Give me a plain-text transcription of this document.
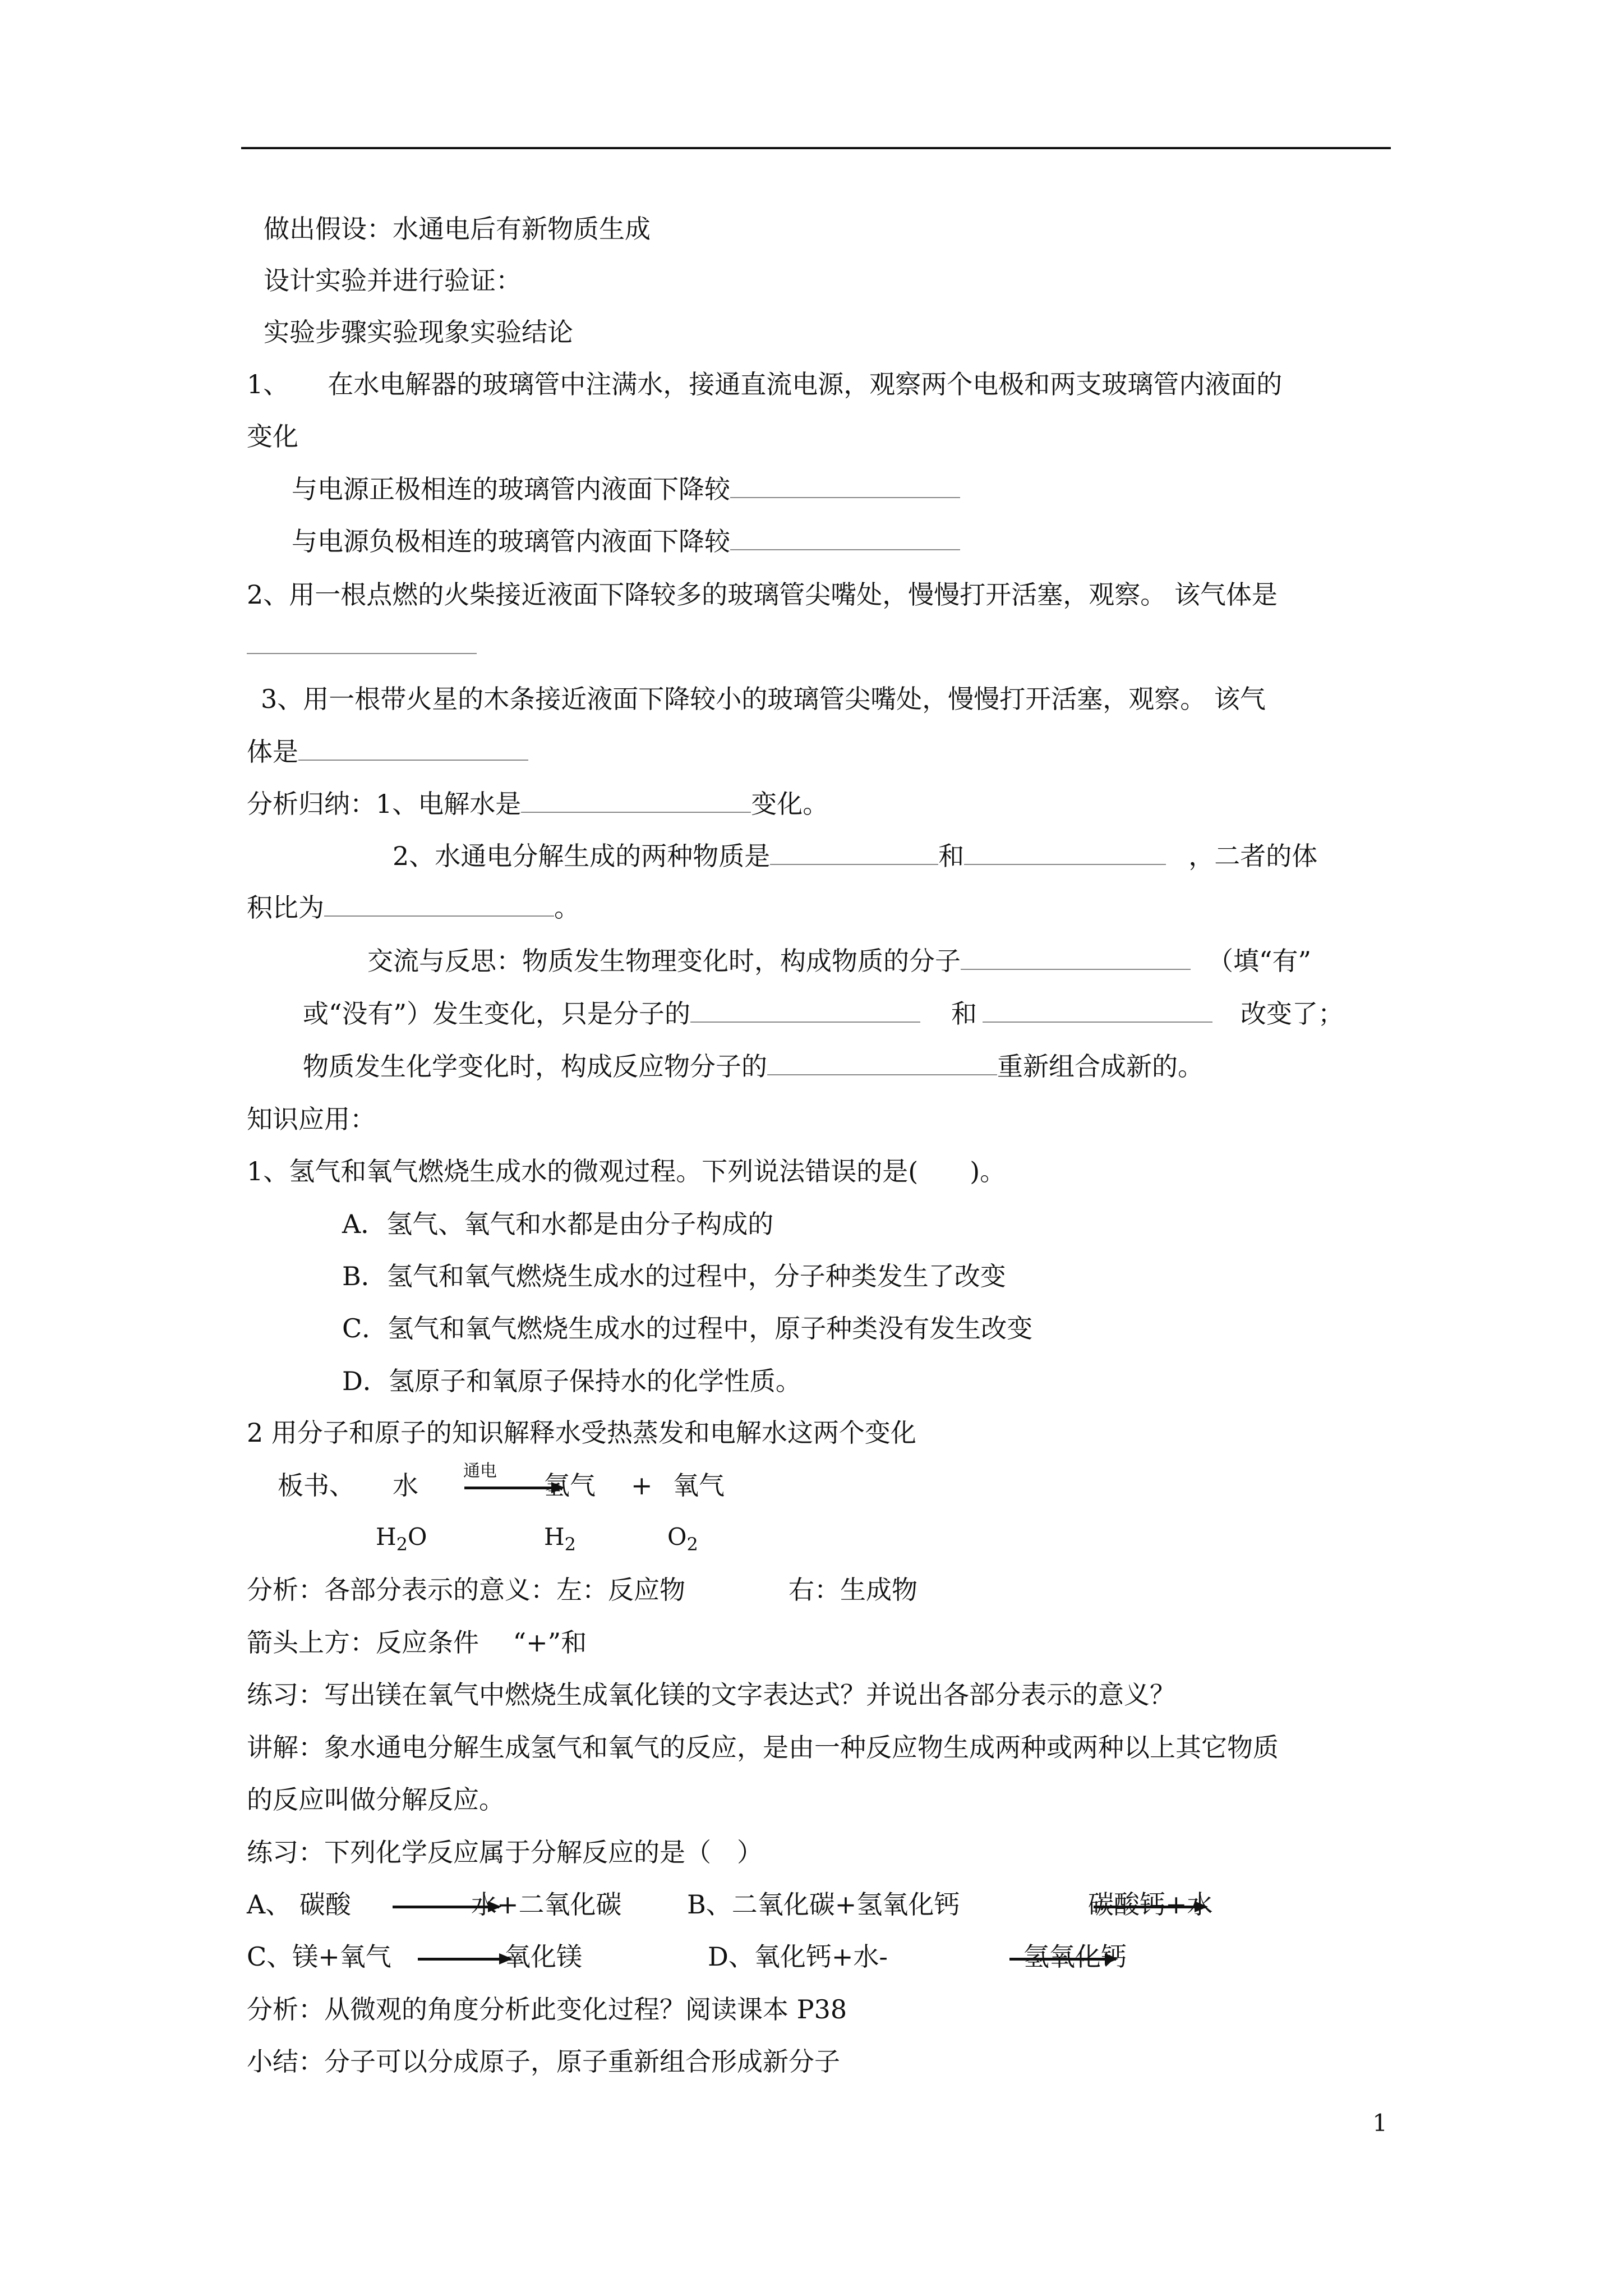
做出假设：水通电后有新物质生成
设计实验并进行验证：
实验步骤实验现象实验结论
1、　　在水电解器的玻璃管中注满水，接通直流电源，观察两个电极和两支玻璃管内液面的
变化
与电源正极相连的玻璃管内液面下降较
与电源负极相连的玻璃管内液面下降较
2、用一根点燃的火柴接近液面下降较多的玻璃管尖嘴处，慢慢打开活塞，观察。 该气体是
3、用一根带火星的木条接近液面下降较小的玻璃管尖嘴处，慢慢打开活塞，观察。 该气
体是
分析归纳：1、电解水是	变化。
2、水通电分解生成的两种物质是	和	，二者的体
积比为	。
交流与反思：物质发生物理变化时，构成物质的分子	（填“有”
或“没有”）发生变化，只是分子的	和	改变了；
物质发生化学变化时，构成反应物分子的	重新组合成新的。
知识应用：
1、氢气和氧气燃烧生成水的微观过程。下列说法错误的是(　　)。
A．氢气、氧气和水都是由分子构成的
B．氢气和氧气燃烧生成水的过程中，分子种类发生了改变
C．氢气和氧气燃烧生成水的过程中，原子种类没有发生改变
D．氢原子和氧原子保持水的化学性质。
2 用分子和原子的知识解释水受热蒸发和电解水这两个变化
板书、 水	通电 氢气 + 氧气
$H_2O$	$H_2$	$O_2$
分析：各部分表示的意义：左：反应物　　　　右：生成物
箭头上方：反应条件　 “+”和
练习：写出镁在氧气中燃烧生成氧化镁的文字表达式？并说出各部分表示的意义？
讲解：象水通电分解生成氢气和氧气的反应，是由一种反应物生成两种或两种以上其它物质
的反应叫做分解反应。
练习：下列化学反应属于分解反应的是（　）
A、 碳酸	水+二氧化碳	B、二氧化碳+氢氧化钙	碳酸钙+水
C、镁+氧气	氧化镁	D、氧化钙+水-	氢氧化钙
分析：从微观的角度分析此变化过程？阅读课本 P38
小结：分子可以分成原子，原子重新组合形成新分子
1
